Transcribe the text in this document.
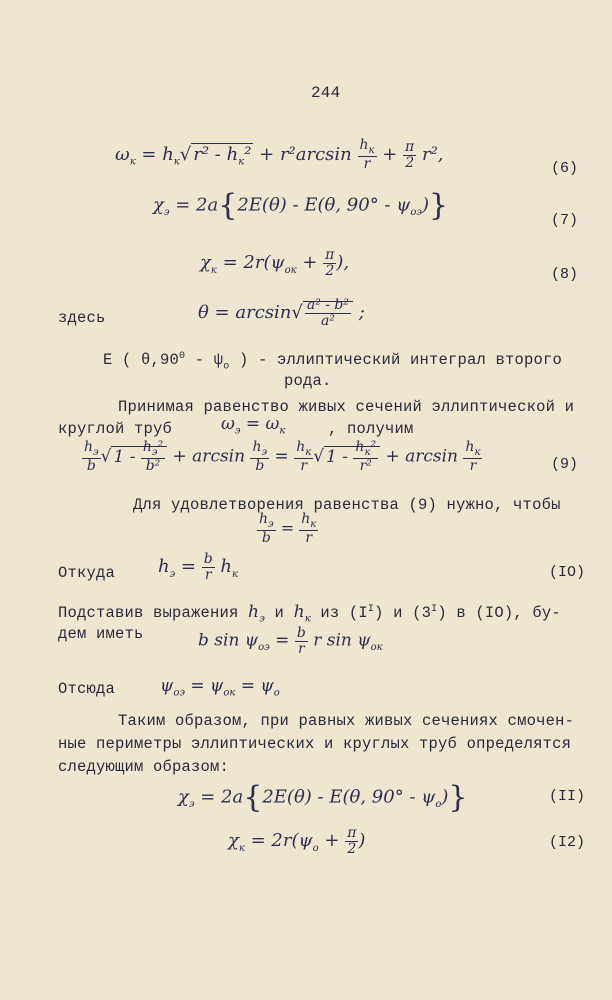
244
$\omega_к = h_к√$ $r^2 - h_к^2 + r^2\arcsin \frac{h_к}{r} + \frac{\pi}{2} r^2$,
(6)
$\chi_э = 2a\{2E(\theta) - E(\theta$, $90^\circ - \psi_{оэ}$)}	(7)
$\chi_к = 2r(\psi_{ок} + \frac{\pi}{2}$ ),
(8)
здесь	$\theta = \arcsin√ \frac{\text{a² - b²}}{\text{a²}}$ ;
E ( $\theta,90^0 - \psi_о$ ) - эллиптический интеграл второго
рода.
Принимая равенство живых сечений эллиптической и
круглой труб	$\omega_э = \omega_к$	, получим
$\frac{h_э}{b}$ √ $1 - \frac{h_э^2}{\text{b²}} + \arcsin \frac{h_э}{b} = \frac{h_к}{r}$ √ $1 - \frac{h_к^2}{\text{r²}} + \arcsin \frac{h_к}{r}$	(9)
Для удовлетворения равенства (9) нужно, чтобы
$\frac{h_э}{b} = \frac{h_к}{r}$
Откуда $h_э = \frac{b}{r} h_к$	(IO)
Подставив выражения $h_э$ и $h_к$ из $(I^I)$ и $(3^I)$ в (IO), бу-
дем иметь	b $\sin \psi_{оэ} = \frac{b}{r}$ r $\sin \psi_{ок}$
Отсюда	$\psi_{оэ} = \psi_{ок} = \psi_о$
Таким образом, при равных живых сечениях смочен-
ные периметры эллиптических и круглых труб определятся
следующим образом:
$\chi_э = 2a\{2E(\theta) - E(\theta$, $90^\circ - \psi_о$)}	(II)
$\chi_к = 2r(\psi_о + \frac{\pi}{2}$ )	(I2)
